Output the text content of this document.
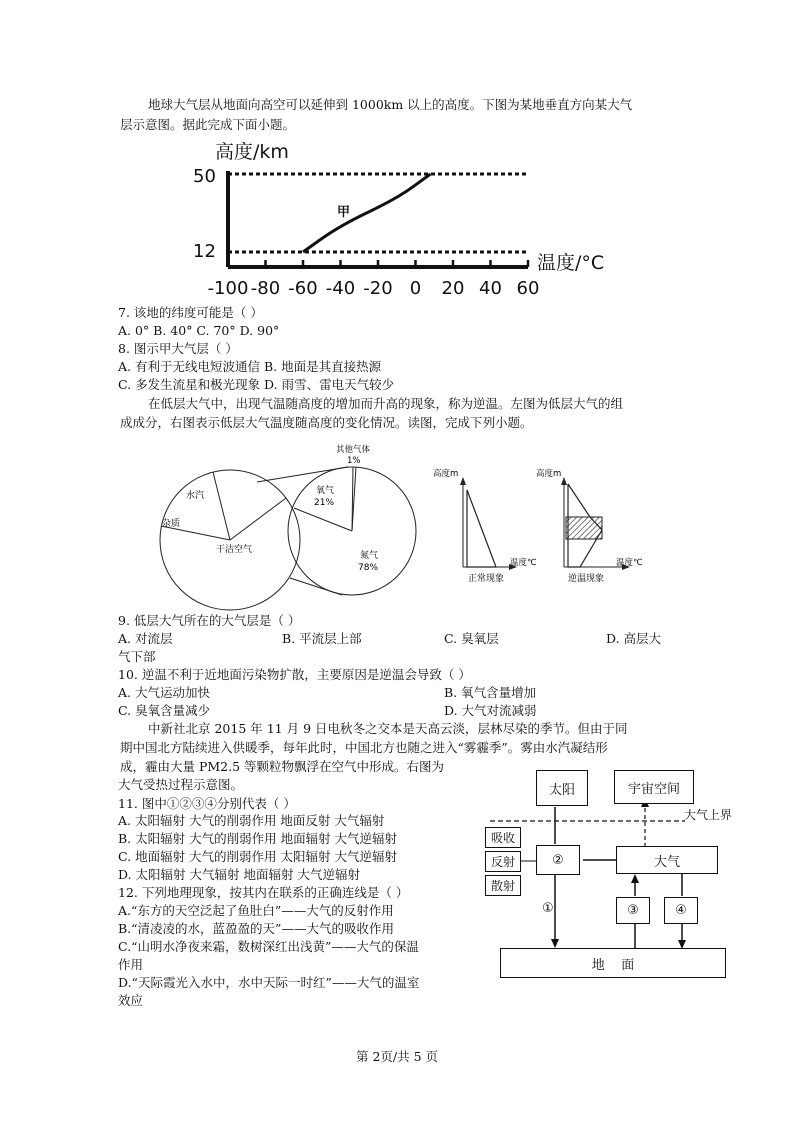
地球大气层从地面向高空可以延伸到 1000km 以上的高度。下图为某地垂直方向某大气
层示意图。据此完成下面小题。
高度/km
50
12
甲
温度/°C
-100 -80 -60 -40 -20 0 20 40 60
7. 该地的纬度可能是（ ）
A. 0° B. 40° C. 70° D. 90°
8. 图示甲大气层（ ）
A. 有利于无线电短波通信 B. 地面是其直接热源
C. 多发生流星和极光现象 D. 雨雪、雷电天气较少
在低层大气中，出现气温随高度的增加而升高的现象，称为逆温。左图为低层大气的组
成成分，右图表示低层大气温度随高度的变化情况。读图，完成下列小题。
水汽
杂质
干洁空气
其他气体
1%
氧气
21%
氮气
78%
高度m
温度℃
正常现象
高度m
温度℃
逆温现象
9. 低层大气所在的大气层是（ ）
A. 对流层	B. 平流层上部	C. 臭氧层	D. 高层大
气下部
10. 逆温不利于近地面污染物扩散，主要原因是逆温会导致（ ）
A. 大气运动加快	B. 氧气含量增加
C. 臭氧含量减少	D. 大气对流减弱
中新社北京 2015 年 11 月 9 日电秋冬之交本是天高云淡，层林尽染的季节。但由于同
期中国北方陆续进入供暖季，每年此时，中国北方也随之进入“雾霾季”。雾由水汽凝结形
成，霾由大量 PM2.5 等颗粒物飘浮在空气中形成。右图为
大气受热过程示意图。
11. 图中①②③④分别代表（ ）
A. 太阳辐射 大气的削弱作用 地面反射 大气辐射
B. 太阳辐射 大气的削弱作用 地面辐射 大气逆辐射
C. 地面辐射 大气的削弱作用 太阳辐射 大气逆辐射
D. 太阳辐射 大气辐射 地面辐射 大气逆辐射
12. 下列地理现象，按其内在联系的正确连线是（ ）
A.“东方的天空泛起了鱼肚白”——大气的反射作用
B.“清凌凌的水，蓝盈盈的天”——大气的吸收作用
C.“山明水净夜来霜，数树深红出浅黄”——大气的保温
作用
D.“天际霞光入水中，水中天际一时红”——大气的温室
效应
太阳	宇宙空间
大气上界
吸收
反射
散射
②	大气
①	③	④
地    面
第 2页/共 5 页
